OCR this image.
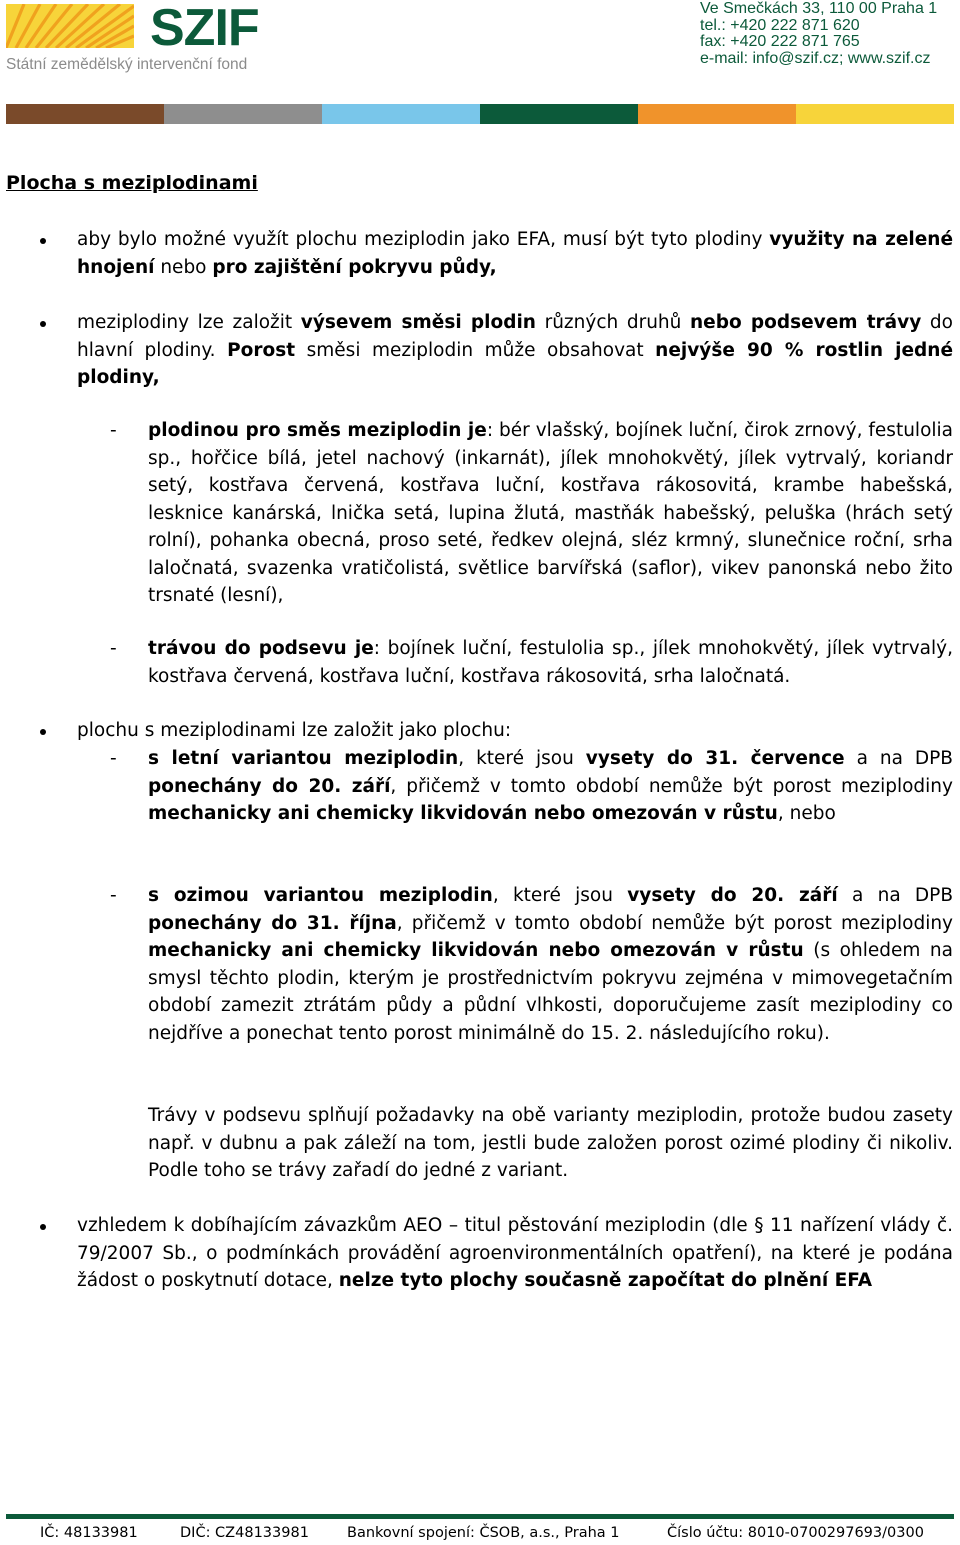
SZIF
Státní zemědělský intervenční fond
Ve Smečkách 33, 110 00 Praha 1
tel.: +420 222 871 620
fax: +420 222 871 765
e-mail: info@szif.cz; www.szif.cz
Plocha s meziplodinami
aby bylo možné využít plochu meziplodin jako EFA, musí být tyto plodiny využity na zelené hnojení nebo pro zajištění pokryvu půdy,
meziplodiny lze založit výsevem směsi plodin různých druhů nebo podsevem trávy do hlavní plodiny. Porost směsi meziplodin může obsahovat nejvýše 90 % rostlin jedné plodiny,
- plodinou pro směs meziplodin je: bér vlašský, bojínek luční, čirok zrnový, festulolia sp., hořčice bílá, jetel nachový (inkarnát), jílek mnohokvětý, jílek vytrvalý, koriandr setý, kostřava červená, kostřava luční, kostřava rákosovitá, krambe habešská, lesknice kanárská, lnička setá, lupina žlutá, mastňák habešský, peluška (hrách setý rolní), pohanka obecná, proso seté, ředkev olejná, sléz krmný, slunečnice roční, srha laločnatá, svazenka vratičolistá, světlice barvířská (saflor), vikev panonská nebo žito trsnaté (lesní),
- trávou do podsevu je: bojínek luční, festulolia sp., jílek mnohokvětý, jílek vytrvalý, kostřava červená, kostřava luční, kostřava rákosovitá, srha laločnatá.
plochu s meziplodinami lze založit jako plochu:
- s letní variantou meziplodin, které jsou vysety do 31. července a na DPB ponechány do 20. září, přičemž v tomto období nemůže být porost meziplodiny mechanicky ani chemicky likvidován nebo omezován v růstu, nebo
- s ozimou variantou meziplodin, které jsou vysety do 20. září a na DPB ponechány do 31. října, přičemž v tomto období nemůže být porost meziplodiny mechanicky ani chemicky likvidován nebo omezován v růstu (s ohledem na smysl těchto plodin, kterým je prostřednictvím pokryvu zejména v mimovegetačním období zamezit ztrátám půdy a půdní vlhkosti, doporučujeme zasít meziplodiny co nejdříve a ponechat tento porost minimálně do 15. 2. následujícího roku).
Trávy v podsevu splňují požadavky na obě varianty meziplodin, protože budou zasety např. v dubnu a pak záleží na tom, jestli bude založen porost ozimé plodiny či nikoliv. Podle toho se trávy zařadí do jedné z variant.
vzhledem k dobíhajícím závazkům AEO – titul pěstování meziplodin (dle § 11 nařízení vlády č. 79/2007 Sb., o podmínkách provádění agroenvironmentálních opatření), na které je podána žádost o poskytnutí dotace, nelze tyto plochy současně započítat do plnění EFA
IČ: 48133981	DIČ: CZ48133981	Bankovní spojení: ČSOB, a.s., Praha 1	Číslo účtu: 8010-0700297693/0300
